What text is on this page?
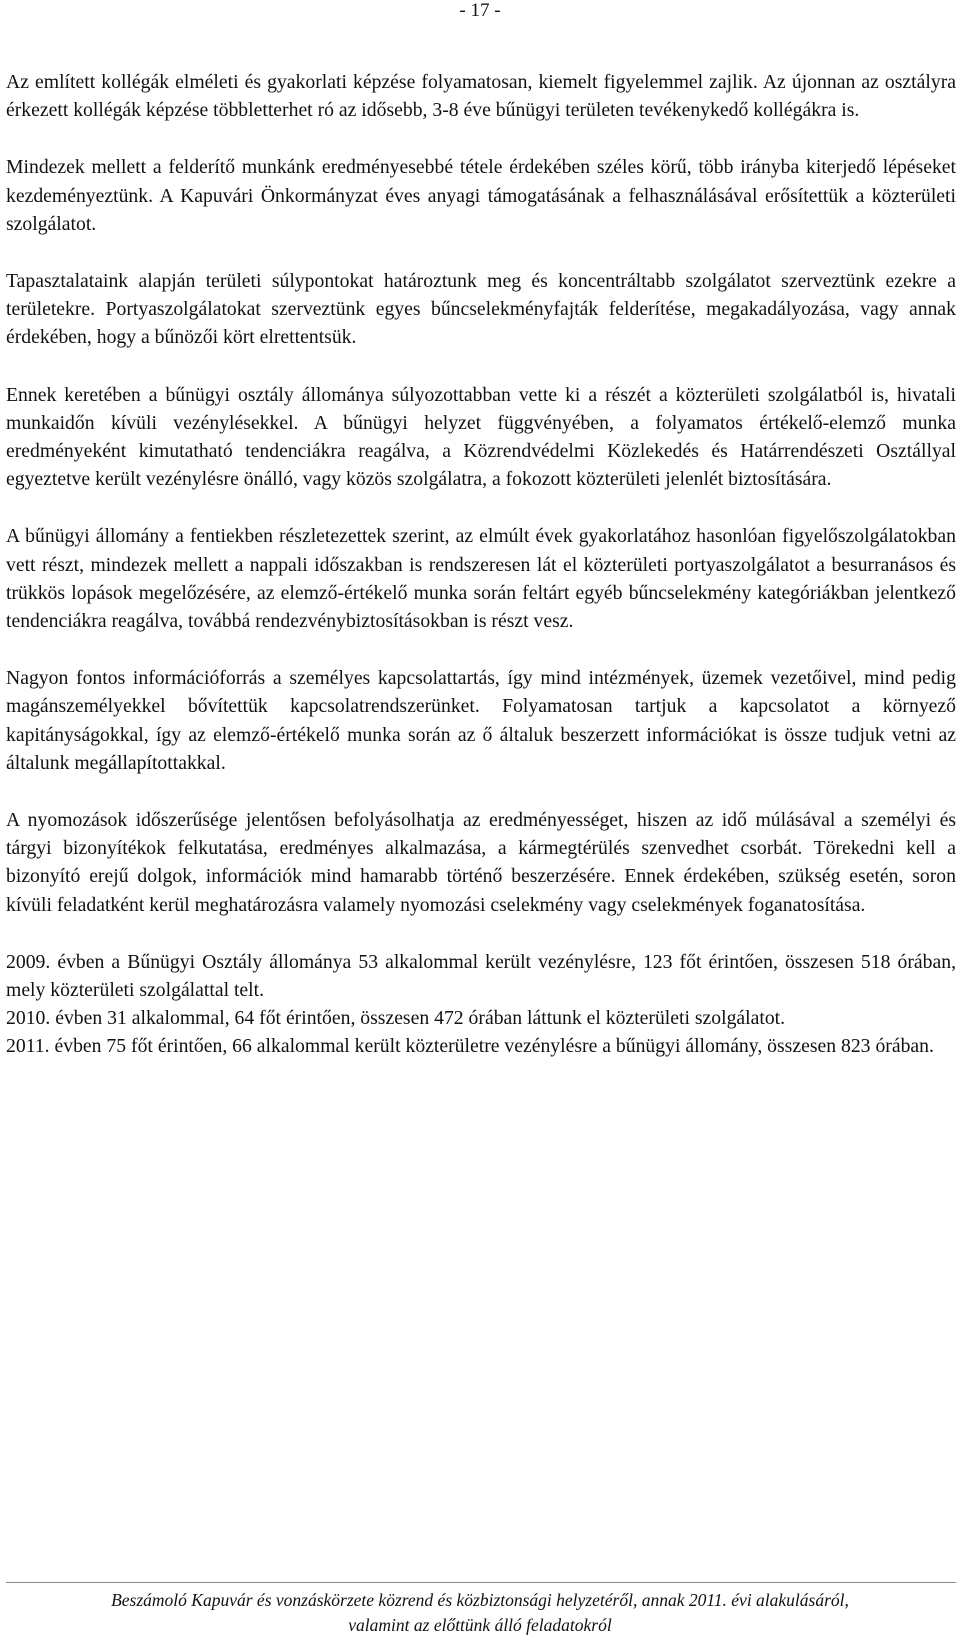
- 17 -

Az említett kollégák elméleti és gyakorlati képzése folyamatosan, kiemelt figyelemmel zajlik. Az újonnan az osztályra érkezett kollégák képzése többletterhet ró az idősebb, 3-8 éve bűnügyi területen tevékenykedő kollégákra is.

Mindezek mellett a felderítő munkánk eredményesebbé tétele érdekében széles körű, több irányba kiterjedő lépéseket kezdeményeztünk. A Kapuvári Önkormányzat éves anyagi támogatásának a felhasználásával erősítettük a közterületi szolgálatot.

Tapasztalataink alapján területi súlypontokat határoztunk meg és koncentráltabb szolgálatot szerveztünk ezekre a területekre. Portyaszolgálatokat szerveztünk egyes bűncselekményfajták felderítése, megakadályozása, vagy annak érdekében, hogy a bűnözői kört elrettentsük.

Ennek keretében a bűnügyi osztály állománya súlyozottabban vette ki a részét a közterületi szolgálatból is, hivatali munkaidőn kívüli vezénylésekkel. A bűnügyi helyzet függvényében, a folyamatos értékelő-elemző munka eredményeként kimutatható tendenciákra reagálva, a Közrendvédelmi Közlekedés és Határrendészeti Osztállyal egyeztetve került vezénylésre önálló, vagy közös szolgálatra, a fokozott közterületi jelenlét biztosítására.

A bűnügyi állomány a fentiekben részletezettek szerint, az elmúlt évek gyakorlatához hasonlóan figyelőszolgálatokban vett részt, mindezek mellett a nappali időszakban is rendszeresen lát el közterületi portyaszolgálatot a besurranásos és trükkös lopások megelőzésére, az elemző-értékelő munka során feltárt egyéb bűncselekmény kategóriákban jelentkező tendenciákra reagálva, továbbá rendezvénybiztosításokban is részt vesz.

Nagyon fontos információforrás a személyes kapcsolattartás, így mind intézmények, üzemek vezetőivel, mind pedig magánszemélyekkel bővítettük kapcsolatrendszerünket. Folyamatosan tartjuk a kapcsolatot a környező kapitányságokkal, így az elemző-értékelő munka során az ő általuk beszerzett információkat is össze tudjuk vetni az általunk megállapítottakkal.

A nyomozások időszerűsége jelentősen befolyásolhatja az eredményességet, hiszen az idő múlásával a személyi és tárgyi bizonyítékok felkutatása, eredményes alkalmazása, a kármegtérülés szenvedhet csorbát. Törekedni kell a bizonyító erejű dolgok, információk mind hamarabb történő beszerzésére. Ennek érdekében, szükség esetén, soron kívüli feladatként kerül meghatározásra valamely nyomozási cselekmény vagy cselekmények foganatosítása.

2009. évben a Bűnügyi Osztály állománya 53 alkalommal került vezénylésre, 123 főt érintően, összesen 518 órában, mely közterületi szolgálattal telt.

2010. évben 31 alkalommal, 64 főt érintően, összesen 472 órában láttunk el közterületi szolgálatot.

2011. évben 75 főt érintően, 66 alkalommal került közterületre vezénylésre a bűnügyi állomány, összesen 823 órában.

Beszámoló Kapuvár és vonzáskörzete közrend és közbiztonsági helyzetéről, annak 2011. évi alakulásáról,
valamint az előttünk álló feladatokról
